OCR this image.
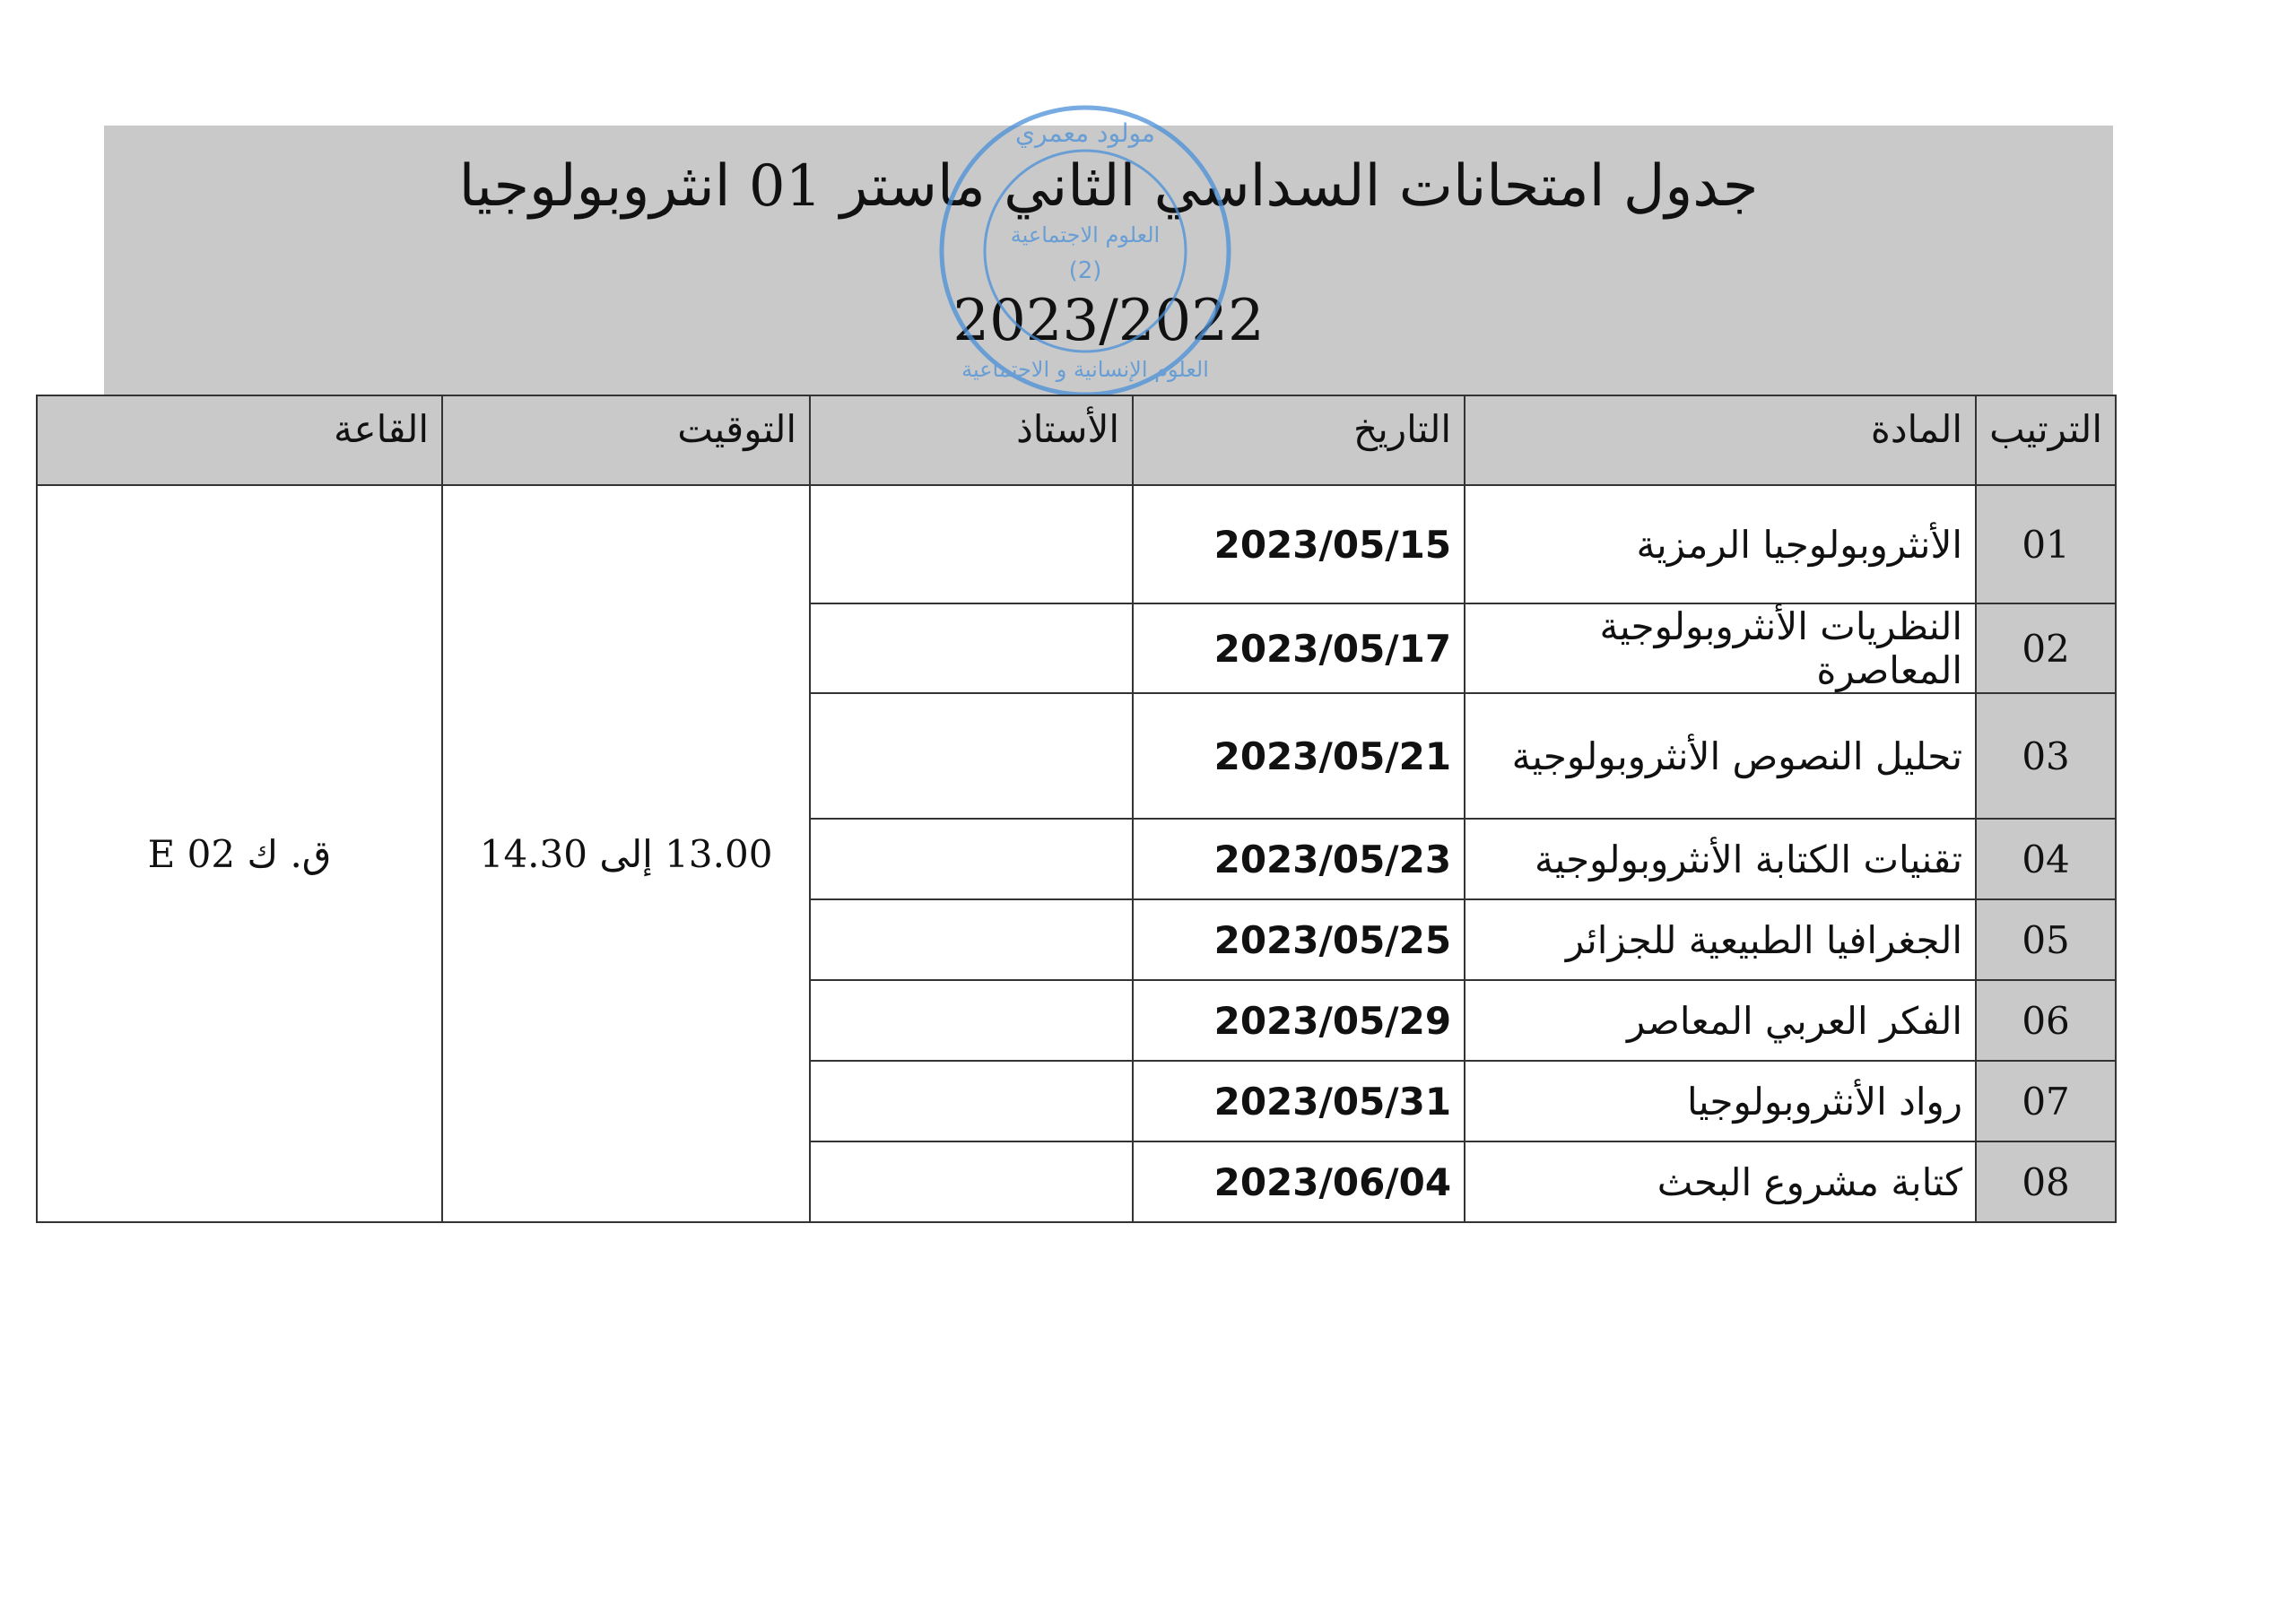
جدول امتحانات السداسي الثاني ماستر 01 انثروبولوجيا
2023/2022
مولود معمري
العلوم الاجتماعية
(2)
العلوم الإنسانية و الاجتماعية
الترتيب	المادة	التاريخ	الأستاذ	التوقيت	القاعة
01	الأنثروبولوجيا الرمزية	2023/05/15		13.00 إلى 14.30	ق. ك E 02
02	النظريات الأنثروبولوجية المعاصرة	2023/05/17			
03	تحليل النصوص الأنثروبولوجية	2023/05/21			
04	تقنيات الكتابة الأنثروبولوجية	2023/05/23			
05	الجغرافيا الطبيعية للجزائر	2023/05/25			
06	الفكر العربي المعاصر	2023/05/29			
07	رواد الأنثروبولوجيا	2023/05/31			
08	كتابة مشروع البحث	2023/06/04			
